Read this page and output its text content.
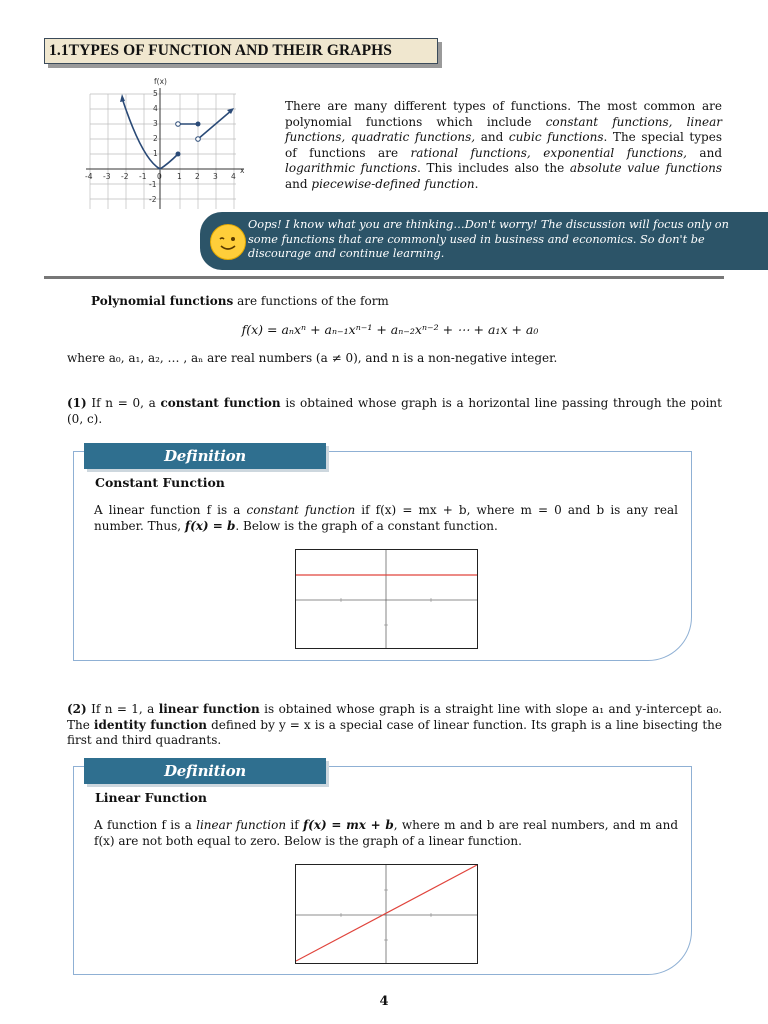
1.1TYPES OF FUNCTION AND THEIR GRAPHS
f(x)
x
-4 -3 -2 -1 0 1 2 3 4
5
4
3
2
1
-1
-2
There are many different types of functions. The most common are polynomial functions which include constant functions, linear functions, quadratic functions, and cubic functions. The special types of functions are rational functions, exponential functions, and logarithmic functions. This includes also the absolute value functions and piecewise-defined function.
Oops! I know what you are thinking…Don't worry! The discussion will focus only on some functions that are commonly used in business and economics. So don't be discourage and continue learning.
Polynomial functions are functions of the form
f(x) = aₙxⁿ + aₙ₋₁xⁿ⁻¹ + aₙ₋₂xⁿ⁻² + ⋯ + a₁x + a₀
where a₀, a₁, a₂, … , aₙ are real numbers (a ≠ 0), and n is a non-negative integer.
(1) If n = 0, a constant function is obtained whose graph is a horizontal line passing through the point (0, c).
Definition
Constant Function
A linear function f is a constant function if f(x) = mx + b, where m = 0 and b is any real number. Thus, f(x) = b. Below is the graph of a constant function.
(2) If n = 1, a linear function is obtained whose graph is a straight line with slope a₁ and y-intercept a₀. The identity function defined by y = x is a special case of linear function. Its graph is a line bisecting the first and third quadrants.
Definition
Linear Function
A function f is a linear function if f(x) = mx + b, where m and b are real numbers, and m and f(x) are not both equal to zero. Below is the graph of a linear function.
4
